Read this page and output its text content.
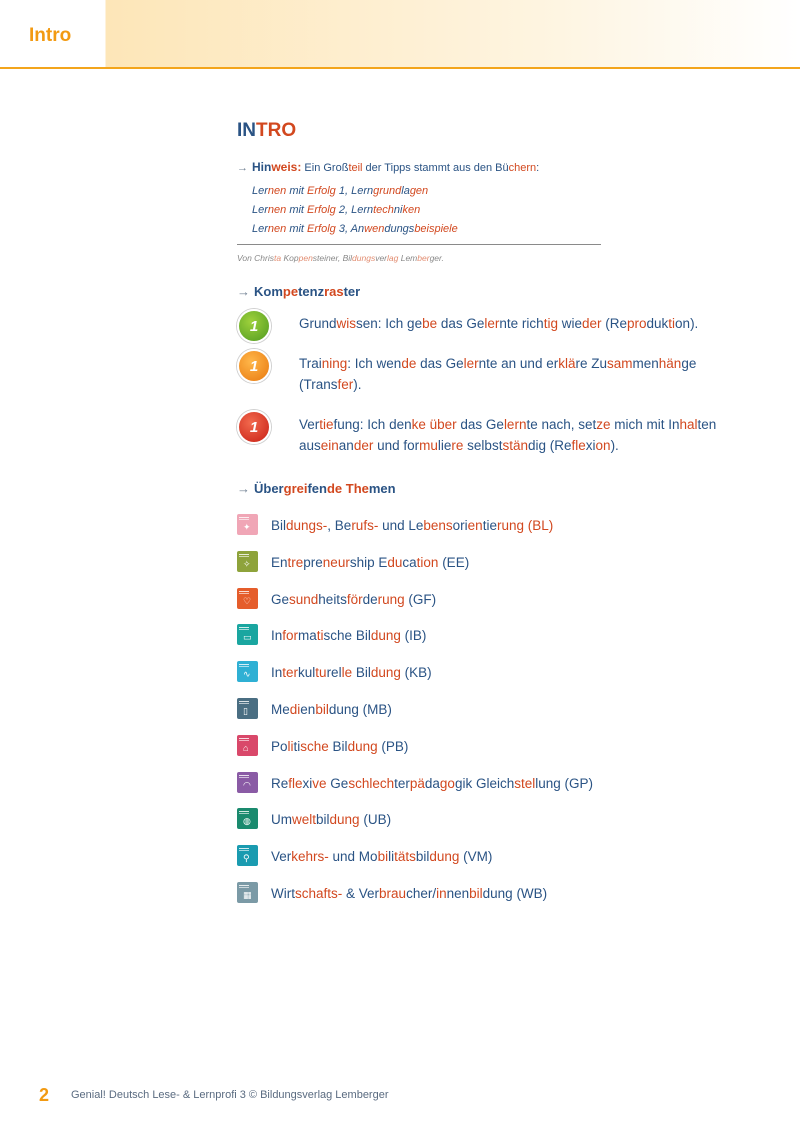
Intro
INTRO
→ Hinweis: Ein Großteil der Tipps stammt aus den Büchern:
Lernen mit Erfolg 1, Lerngrundlagen
Lernen mit Erfolg 2, Lerntechniken
Lernen mit Erfolg 3, Anwendungsbeispiele
Von Christa Koppensteiner, Bildungsverlag Lemberger.
→ Kompetenzraster
1	Grundwissen: Ich gebe das Gelernte richtig wieder (Reproduktion).
1	Training: Ich wende das Gelernte an und erkläre Zusammenhänge
(Transfer).
1	Vertiefung: Ich denke über das Gelernte nach, setze mich mit Inhalten
auseinander und formuliere selbstständig (Reflexion).
→ Übergreifende Themen
✦ Bildungs-, Berufs- und Lebensorientierung (BL)
✧ Entrepreneurship Education (EE)
♡ Gesundheitsförderung (GF)
▭ Informatische Bildung (IB)
∿ Interkulturelle Bildung (KB)
▯ Medienbildung (MB)
⌂ Politische Bildung (PB)
◠ Reflexive Geschlechterpädagogik Gleichstellung (GP)
◍ Umweltbildung (UB)
⚲ Verkehrs- und Mobilitätsbildung (VM)
▦ Wirtschafts- & Verbraucher/innenbildung (WB)
2 Genial! Deutsch Lese- & Lernprofi 3 © Bildungsverlag Lemberger
